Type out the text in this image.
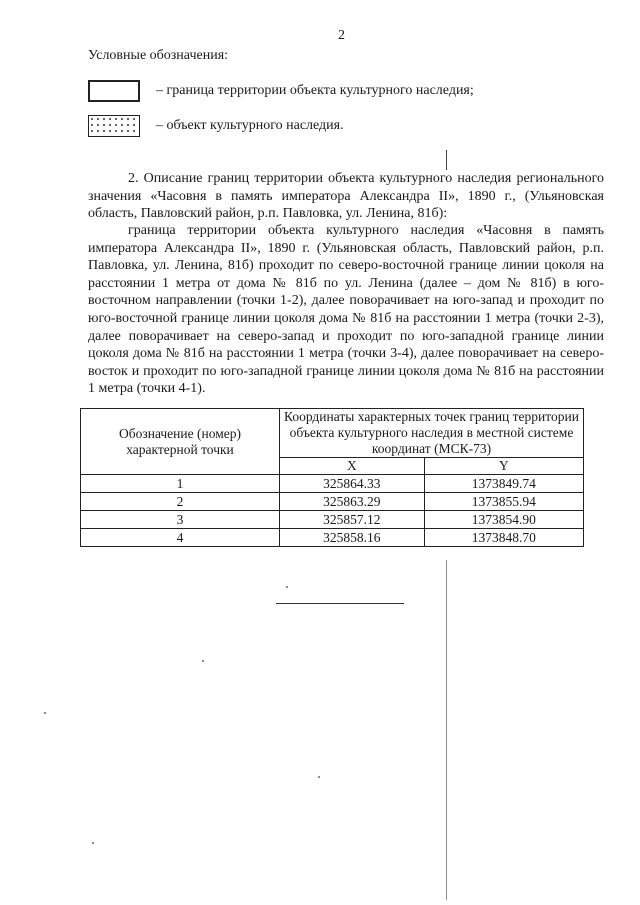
2
Условные обозначения:
– граница территории объекта культурного наследия;
– объект культурного наследия.

2. Описание границ территории объекта культурного наследия регионального значения «Часовня в память императора Александра II», 1890 г., (Ульяновская область, Павловский район, р.п. Павловка, ул. Ленина, 81б):

граница территории объекта культурного наследия «Часовня в память императора Александра II», 1890 г. (Ульяновская область, Павловский район, р.п. Павловка, ул. Ленина, 81б) проходит по северо-восточной границе линии цоколя на расстоянии 1 метра от дома № 81б по ул. Ленина (далее – дом № 81б) в юго-восточном направлении (точки 1-2), далее поворачивает на юго-запад и проходит по юго-восточной границе линии цоколя дома № 81б на расстоянии 1 метра (точки 2-3), далее поворачивает на северо-запад и проходит по юго-западной границе линии цоколя дома № 81б на расстоянии 1 метра (точки 3-4), далее поворачивает на северо-восток и проходит по юго-западной границе линии цоколя дома № 81б на расстоянии 1 метра (точки 4-1).

Обозначение (номер) характерной точки	Координаты характерных точек границ территории объекта культурного наследия в местной системе координат (МСК-73)	
	X	Y
1	325864.33	1373849.74
2	325863.29	1373855.94
3	325857.12	1373854.90
4	325858.16	1373848.70
